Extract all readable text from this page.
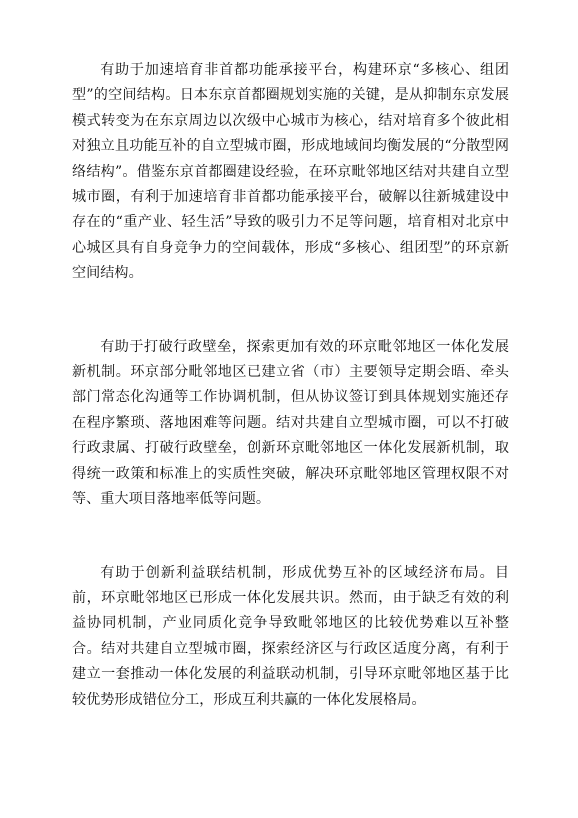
有助于加速培育非首都功能承接平台，构建环京“多核心、组团型”的空间结构。日本东京首都圈规划实施的关键，是从抑制东京发展模式转变为在东京周边以次级中心城市为核心，结对培育多个彼此相对独立且功能互补的自立型城市圈，形成地域间均衡发展的“分散型网络结构”。借鉴东京首都圈建设经验，在环京毗邻地区结对共建自立型城市圈，有利于加速培育非首都功能承接平台，破解以往新城建设中存在的“重产业、轻生活”导致的吸引力不足等问题，培育相对北京中心城区具有自身竞争力的空间载体，形成“多核心、组团型”的环京新空间结构。

有助于打破行政壁垒，探索更加有效的环京毗邻地区一体化发展新机制。环京部分毗邻地区已建立省（市）主要领导定期会晤、牵头部门常态化沟通等工作协调机制，但从协议签订到具体规划实施还存在程序繁琐、落地困难等问题。结对共建自立型城市圈，可以不打破行政隶属、打破行政壁垒，创新环京毗邻地区一体化发展新机制，取得统一政策和标准上的实质性突破，解决环京毗邻地区管理权限不对等、重大项目落地率低等问题。

有助于创新利益联结机制，形成优势互补的区域经济布局。目前，环京毗邻地区已形成一体化发展共识。然而，由于缺乏有效的利益协同机制，产业同质化竞争导致毗邻地区的比较优势难以互补整合。结对共建自立型城市圈，探索经济区与行政区适度分离，有利于建立一套推动一体化发展的利益联动机制，引导环京毗邻地区基于比较优势形成错位分工，形成互利共赢的一体化发展格局。
